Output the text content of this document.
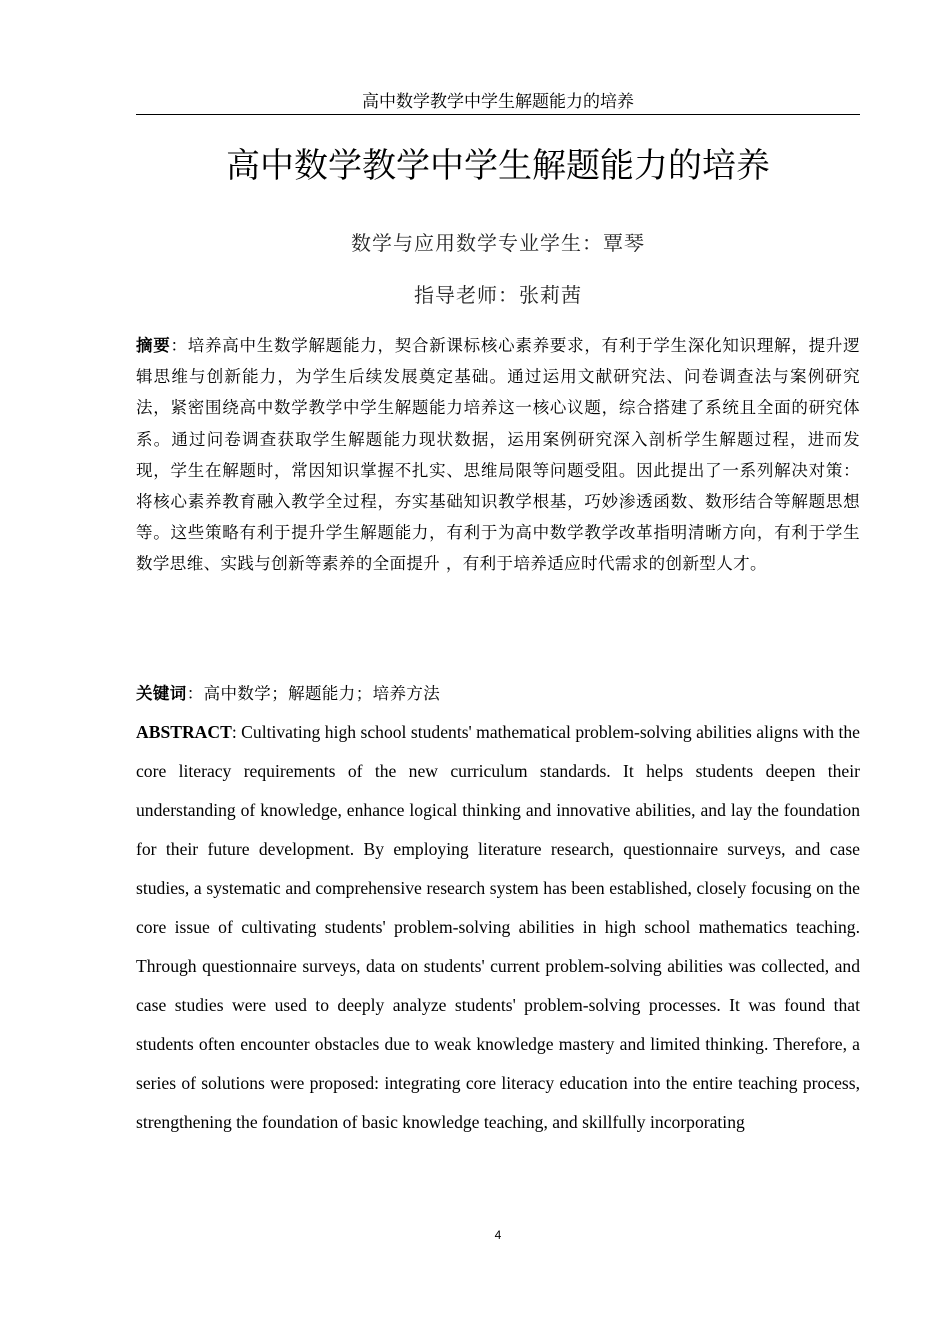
高中数学教学中学生解题能力的培养
高中数学教学中学生解题能力的培养
数学与应用数学专业学生：覃琴
指导老师：张莉茜

摘要：培养高中生数学解题能力，契合新课标核心素养要求，有利于学生深化知识理解，提升逻辑思维与创新能力，为学生后续发展奠定基础。通过运用文献研究法、问卷调查法与案例研究法，紧密围绕高中数学教学中学生解题能力培养这一核心议题，综合搭建了系统且全面的研究体系。通过问卷调查获取学生解题能力现状数据，运用案例研究深入剖析学生解题过程，进而发现，学生在解题时，常因知识掌握不扎实、思维局限等问题受阻。因此提出了一系列解决对策：将核心素养教育融入教学全过程，夯实基础知识教学根基，巧妙渗透函数、数形结合等解题思想等。这些策略有利于提升学生解题能力，有利于为高中数学教学改革指明清晰方向，有利于学生数学思维、实践与创新等素养的全面提升 ，有利于培养适应时代需求的创新型人才。

关键词：高中数学；解题能力；培养方法

ABSTRACT: Cultivating high school students' mathematical problem-solving abilities aligns with the core literacy requirements of the new curriculum standards. It helps students deepen their understanding of knowledge, enhance logical thinking and innovative abilities, and lay the foundation for their future development. By employing literature research, questionnaire surveys, and case studies, a systematic and comprehensive research system has been established, closely focusing on the core issue of cultivating students' problem-solving abilities in high school mathematics teaching. Through questionnaire surveys, data on students' current problem-solving abilities was collected, and case studies were used to deeply analyze students' problem-solving processes. It was found that students often encounter obstacles due to weak knowledge mastery and limited thinking. Therefore, a series of solutions were proposed: integrating core literacy education into the entire teaching process, strengthening the foundation of basic knowledge teaching, and skillfully incorporating

4
